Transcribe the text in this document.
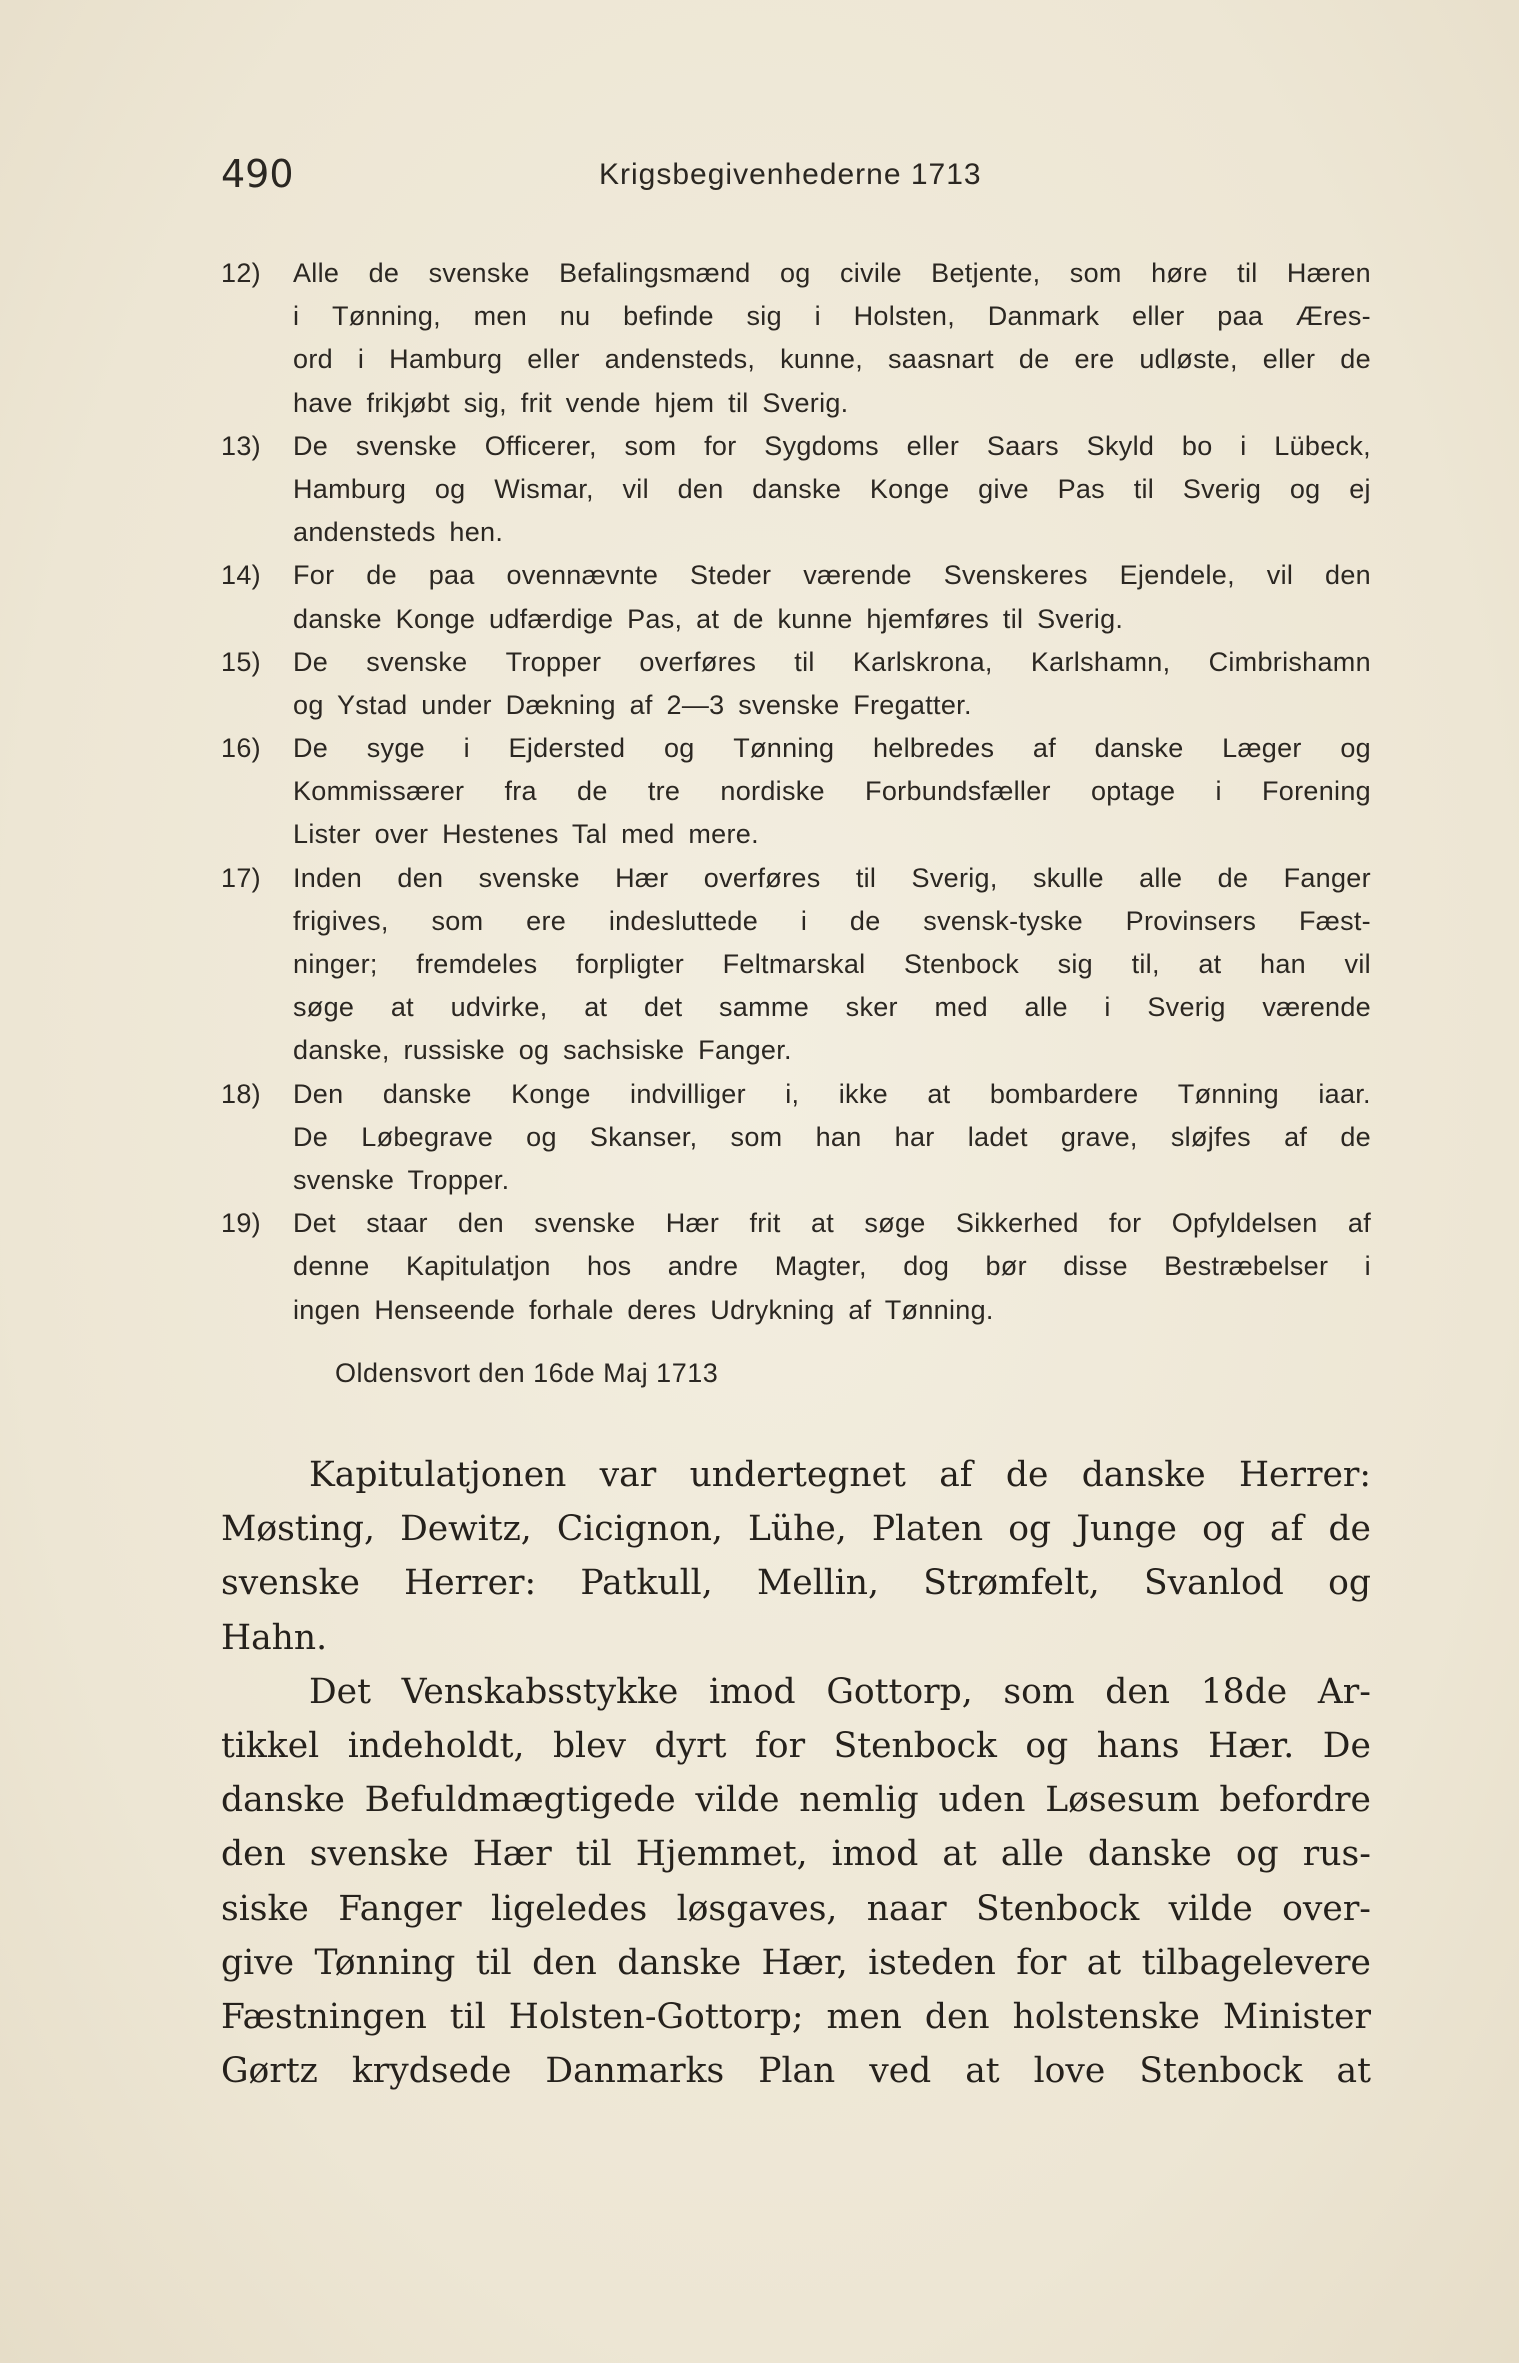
490	Krigsbegivenhederne 1713
12) Alle de svenske Befalingsmænd og civile Betjente, som høre til Hæren
i Tønning, men nu befinde sig i Holsten, Danmark eller paa Æres-
ord i Hamburg eller andensteds, kunne, saasnart de ere udløste, eller de
have frikjøbt sig, frit vende hjem til Sverig.
13) De svenske Officerer, som for Sygdoms eller Saars Skyld bo i Lübeck,
Hamburg og Wismar, vil den danske Konge give Pas til Sverig og ej
andensteds hen.
14) For de paa ovennævnte Steder værende Svenskeres Ejendele, vil den
danske Konge udfærdige Pas, at de kunne hjemføres til Sverig.
15) De svenske Tropper overføres til Karlskrona, Karlshamn, Cimbrishamn
og Ystad under Dækning af 2—3 svenske Fregatter.
16) De syge i Ejdersted og Tønning helbredes af danske Læger og
Kommissærer fra de tre nordiske Forbundsfæller optage i Forening
Lister over Hestenes Tal med mere.
17) Inden den svenske Hær overføres til Sverig, skulle alle de Fanger
frigives, som ere indesluttede i de svensk-tyske Provinsers Fæst-
ninger; fremdeles forpligter Feltmarskal Stenbock sig til, at han vil
søge at udvirke, at det samme sker med alle i Sverig værende
danske, russiske og sachsiske Fanger.
18) Den danske Konge indvilliger i, ikke at bombardere Tønning iaar.
De Løbegrave og Skanser, som han har ladet grave, sløjfes af de
svenske Tropper.
19) Det staar den svenske Hær frit at søge Sikkerhed for Opfyldelsen af
denne Kapitulatjon hos andre Magter, dog bør disse Bestræbelser i
ingen Henseende forhale deres Udrykning af Tønning.
Oldensvort den 16de Maj 1713
Kapitulatjonen var undertegnet af de danske Herrer:
Møsting, Dewitz, Cicignon, Lühe, Platen og Junge og af de
svenske Herrer: Patkull, Mellin, Strømfelt, Svanlod og
Hahn.
Det Venskabsstykke imod Gottorp, som den 18de Ar-
tikkel indeholdt, blev dyrt for Stenbock og hans Hær. De
danske Befuldmægtigede vilde nemlig uden Løsesum befordre
den svenske Hær til Hjemmet, imod at alle danske og rus-
siske Fanger ligeledes løsgaves, naar Stenbock vilde over-
give Tønning til den danske Hær, isteden for at tilbagelevere
Fæstningen til Holsten-Gottorp; men den holstenske Minister
Gørtz krydsede Danmarks Plan ved at love Stenbock at
